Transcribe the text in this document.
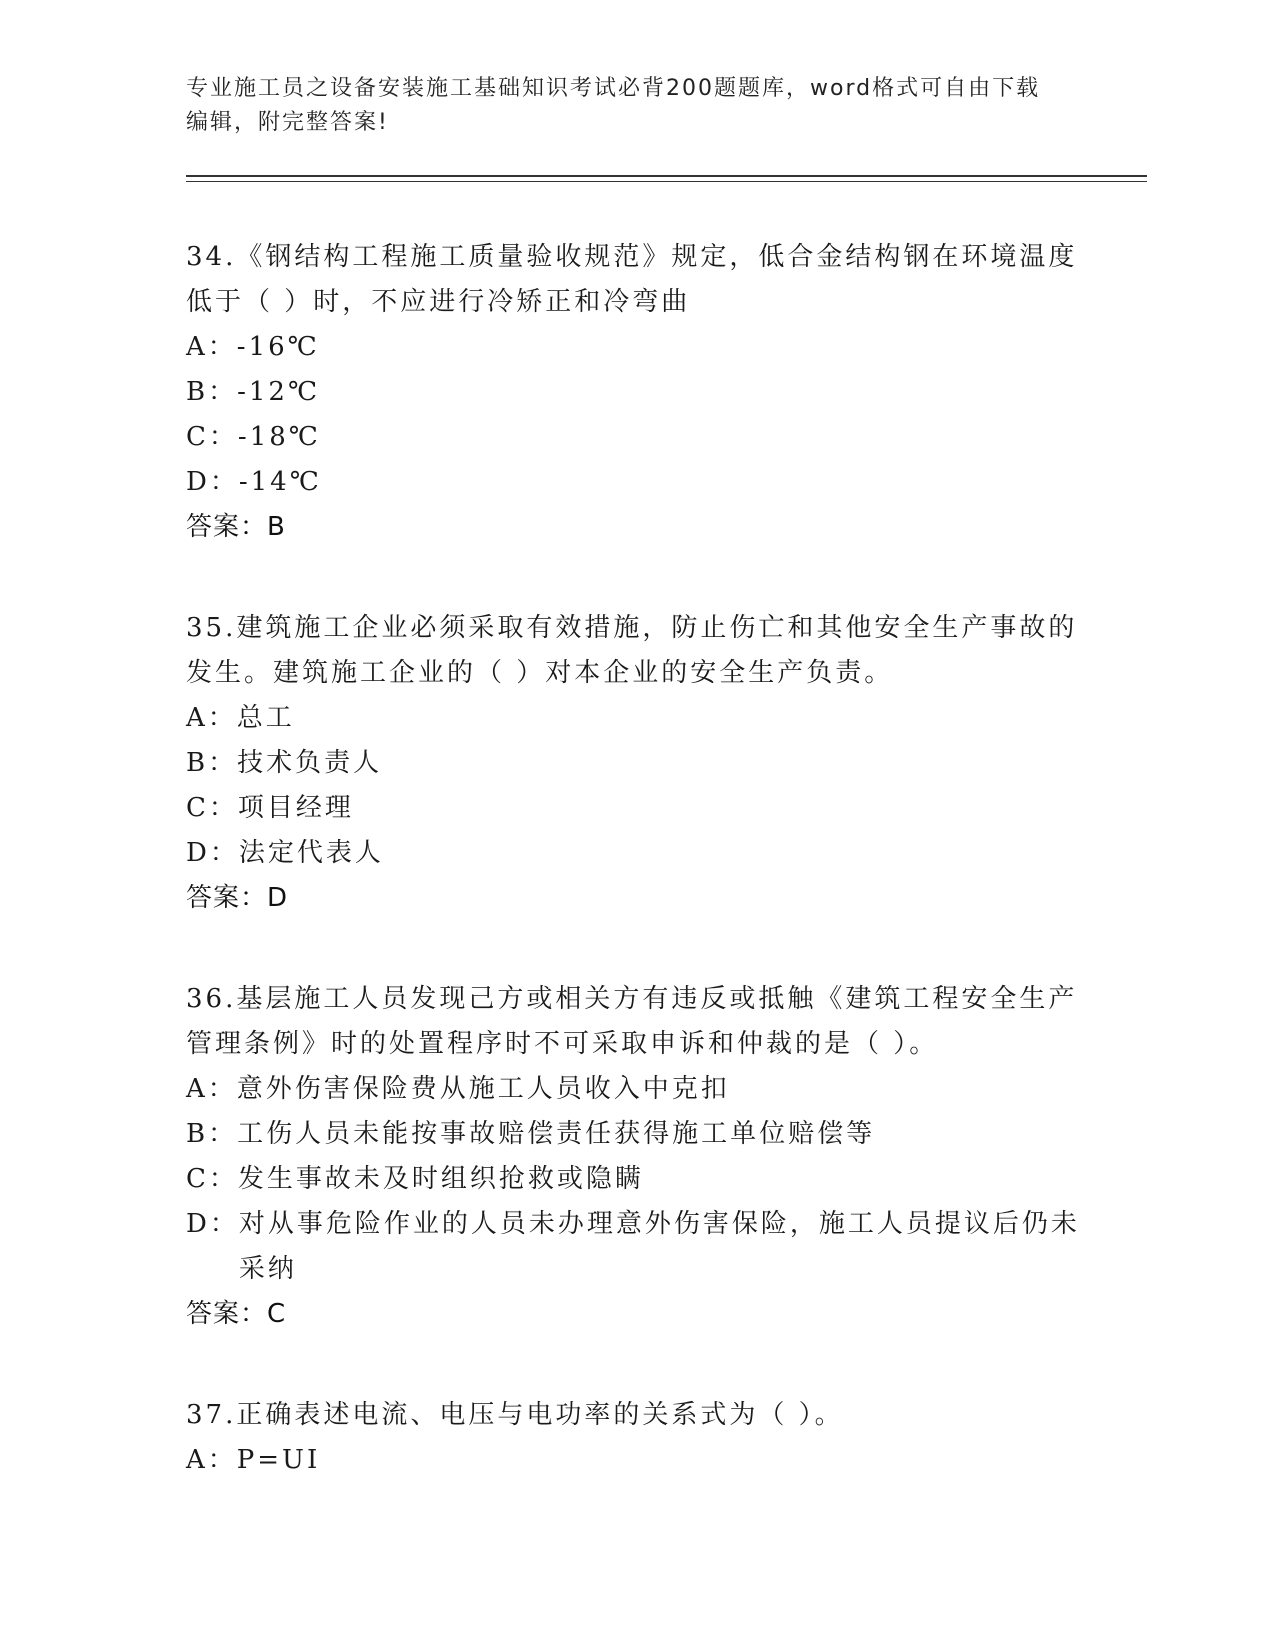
专业施工员之设备安装施工基础知识考试必背200题题库，word格式可自由下载
编辑，附完整答案!
34.《钢结构工程施工质量验收规范》规定，低合金结构钢在环境温度
低于（ ）时，不应进行冷矫正和冷弯曲
A： -16℃
B： -12℃
C： -18℃
D： -14℃
答案：B
35.建筑施工企业必须采取有效措施，防止伤亡和其他安全生产事故的
发生。建筑施工企业的（ ）对本企业的安全生产负责。
A： 总工
B： 技术负责人
C： 项目经理
D： 法定代表人
答案：D
36.基层施工人员发现己方或相关方有违反或抵触《建筑工程安全生产
管理条例》时的处置程序时不可采取申诉和仲裁的是（ ）。
A： 意外伤害保险费从施工人员收入中克扣
B： 工伤人员未能按事故赔偿责任获得施工单位赔偿等
C： 发生事故未及时组织抢救或隐瞒
D： 对从事危险作业的人员未办理意外伤害保险，施工人员提议后仍未采纳
答案：C
37.正确表述电流、电压与电功率的关系式为（ ）。
A： P=UI
